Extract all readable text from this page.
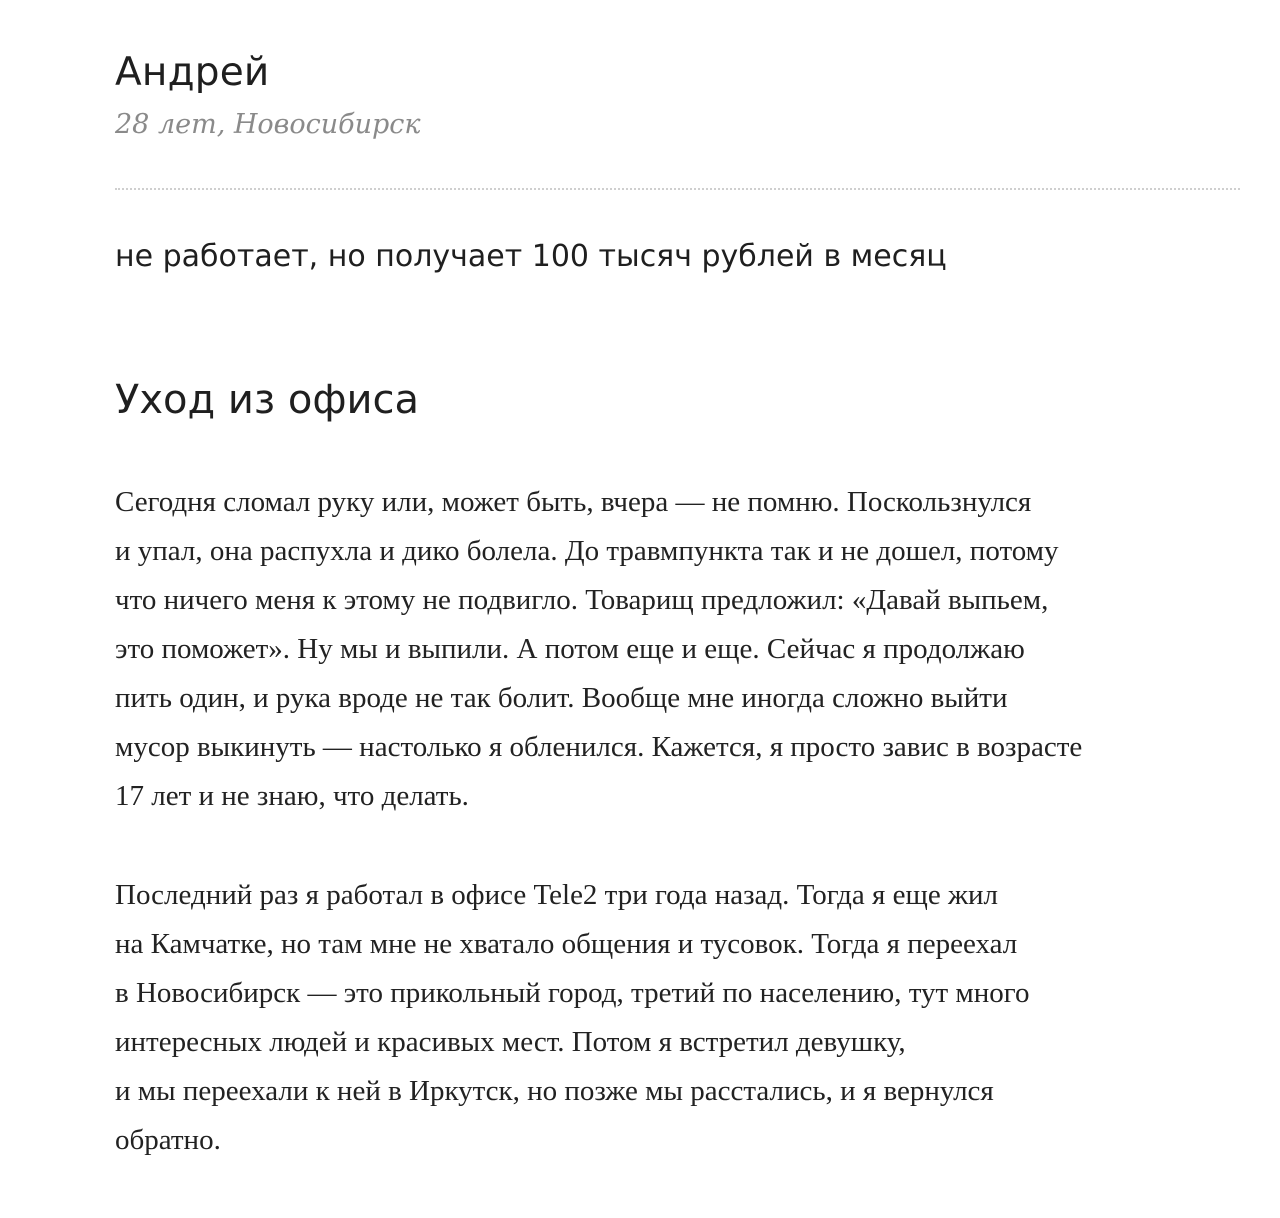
Андрей

28 лет, Новосибирск

не работает, но получает 100 тысяч рублей в месяц

Уход из офиса

Сегодня сломал руку или, может быть, вчера — не помню. Поскользнулся
и упал, она распухла и дико болела. До травмпункта так и не дошел, потому
что ничего меня к этому не подвигло. Товарищ предложил: «Давай выпьем,
это поможет». Ну мы и выпили. А потом еще и еще. Сейчас я продолжаю
пить один, и рука вроде не так болит. Вообще мне иногда сложно выйти
мусор выкинуть — настолько я обленился. Кажется, я просто завис в возрасте
17 лет и не знаю, что делать.

Последний раз я работал в офисе Tele2 три года назад. Тогда я еще жил
на Камчатке, но там мне не хватало общения и тусовок. Тогда я переехал
в Новосибирск — это прикольный город, третий по населению, тут много
интересных людей и красивых мест. Потом я встретил девушку,
и мы переехали к ней в Иркутск, но позже мы расстались, и я вернулся
обратно.
